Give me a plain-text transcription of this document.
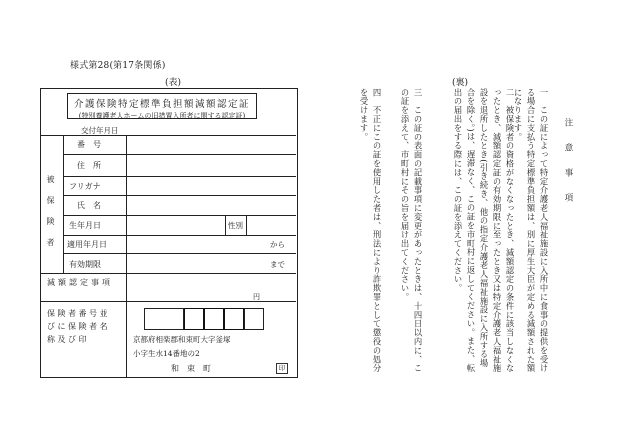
様式第28(第17条関係)
(表)	(裏)
介護保険特定標準負担額減額認定証
(特別養護老人ホームの旧措置入所者に関する認定証)
交付年月日
被保険者
番　号
住　所
フリガナ
氏　名
生年月日	性別
適用年月日	から
有効期限	まで
減額認定事項
円
保険者番号並びに保険者名称及び印	京都府相楽郡和束町大字釜塚
小字生水14番地の2
和　束　町	印
注　意　事　項
一　この証によって特定介護老人福祉施設に入所中に食事の提供を受ける場合に支払う特定標準負担額は、別に厚生大臣が定める減額された額になります。
二　被保険者の資格がなくなったとき、減額認定の条件に該当しなくなったとき、減額認定証の有効期限に至ったとき又は特定介護老人福祉施設を退所したとき(引き続き、他の指定介護老人福祉施設に入所する場合を除く。)は、遅滞なく、この証を市町村に返してください。また、転出の届出をする際には、この証を添えてください。
三　この証の表面の記載事項に変更があったときは、十四日以内に、この証を添えて、市町村にその旨を届け出てください。
四　不正にこの証を使用した者は、刑法により詐欺罪として懲役の処分を受けます。
